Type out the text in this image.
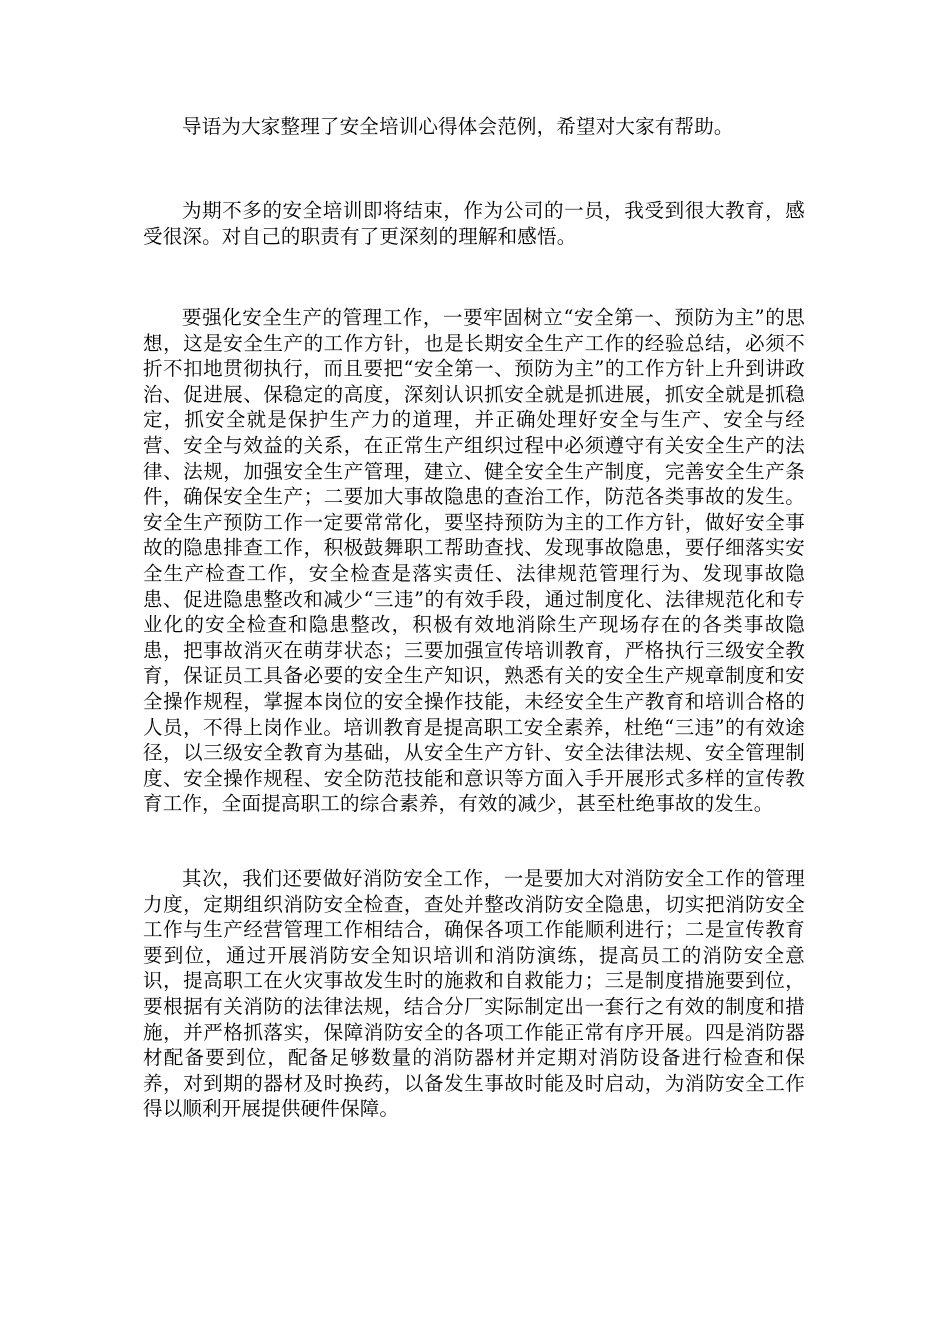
导语为大家整理了安全培训心得体会范例，希望对大家有帮助。

为期不多的安全培训即将结束，作为公司的一员，我受到很大教育，感受很深。对自己的职责有了更深刻的理解和感悟。

要强化安全生产的管理工作，一要牢固树立“安全第一、预防为主”的思想，这是安全生产的工作方针，也是长期安全生产工作的经验总结，必须不折不扣地贯彻执行，而且要把“安全第一、预防为主”的工作方针上升到讲政治、促进展、保稳定的高度，深刻认识抓安全就是抓进展，抓安全就是抓稳定，抓安全就是保护生产力的道理，并正确处理好安全与生产、安全与经营、安全与效益的关系，在正常生产组织过程中必须遵守有关安全生产的法律、法规，加强安全生产管理，建立、健全安全生产制度，完善安全生产条件，确保安全生产；二要加大事故隐患的查治工作，防范各类事故的发生。安全生产预防工作一定要常常化，要坚持预防为主的工作方针，做好安全事故的隐患排查工作，积极鼓舞职工帮助查找、发现事故隐患，要仔细落实安全生产检查工作，安全检查是落实责任、法律规范管理行为、发现事故隐患、促进隐患整改和减少“三违”的有效手段，通过制度化、法律规范化和专业化的安全检查和隐患整改，积极有效地消除生产现场存在的各类事故隐患，把事故消灭在萌芽状态；三要加强宣传培训教育，严格执行三级安全教育，保证员工具备必要的安全生产知识，熟悉有关的安全生产规章制度和安全操作规程，掌握本岗位的安全操作技能，未经安全生产教育和培训合格的人员，不得上岗作业。培训教育是提高职工安全素养，杜绝“三违”的有效途径，以三级安全教育为基础，从安全生产方针、安全法律法规、安全管理制度、安全操作规程、安全防范技能和意识等方面入手开展形式多样的宣传教育工作，全面提高职工的综合素养，有效的减少，甚至杜绝事故的发生。

其次，我们还要做好消防安全工作，一是要加大对消防安全工作的管理力度，定期组织消防安全检查，查处并整改消防安全隐患，切实把消防安全工作与生产经营管理工作相结合，确保各项工作能顺利进行；二是宣传教育要到位，通过开展消防安全知识培训和消防演练，提高员工的消防安全意识，提高职工在火灾事故发生时的施救和自救能力；三是制度措施要到位，要根据有关消防的法律法规，结合分厂实际制定出一套行之有效的制度和措施，并严格抓落实，保障消防安全的各项工作能正常有序开展。四是消防器材配备要到位，配备足够数量的消防器材并定期对消防设备进行检查和保养，对到期的器材及时换药，以备发生事故时能及时启动，为消防安全工作得以顺利开展提供硬件保障。
